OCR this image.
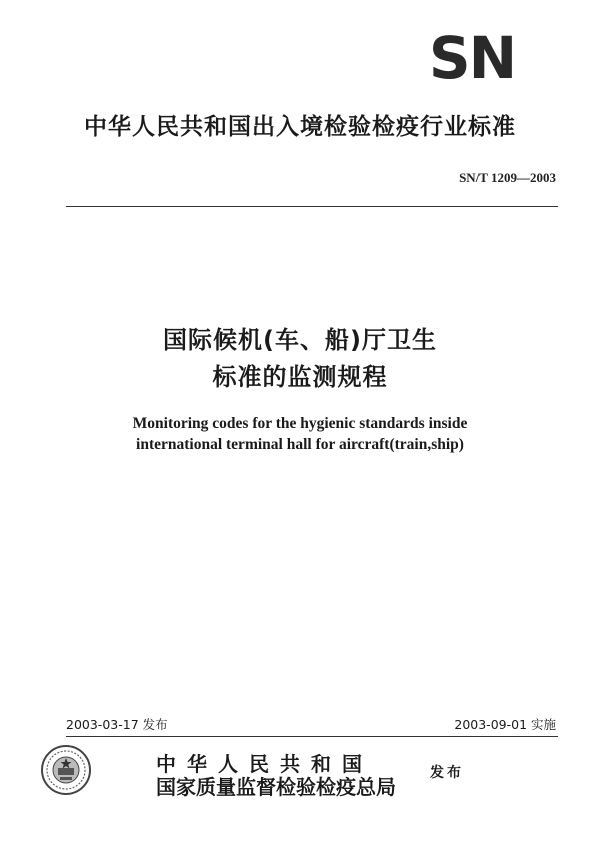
SN
中华人民共和国出入境检验检疫行业标准
SN/T 1209—2003
国际候机(车、船)厅卫生
标准的监测规程
Monitoring codes for the hygienic standards inside
international terminal hall for aircraft(train,ship)
2003-03-17 发布	2003-09-01 实施
中华人民共和国
国家质量监督检验检疫总局
发布
